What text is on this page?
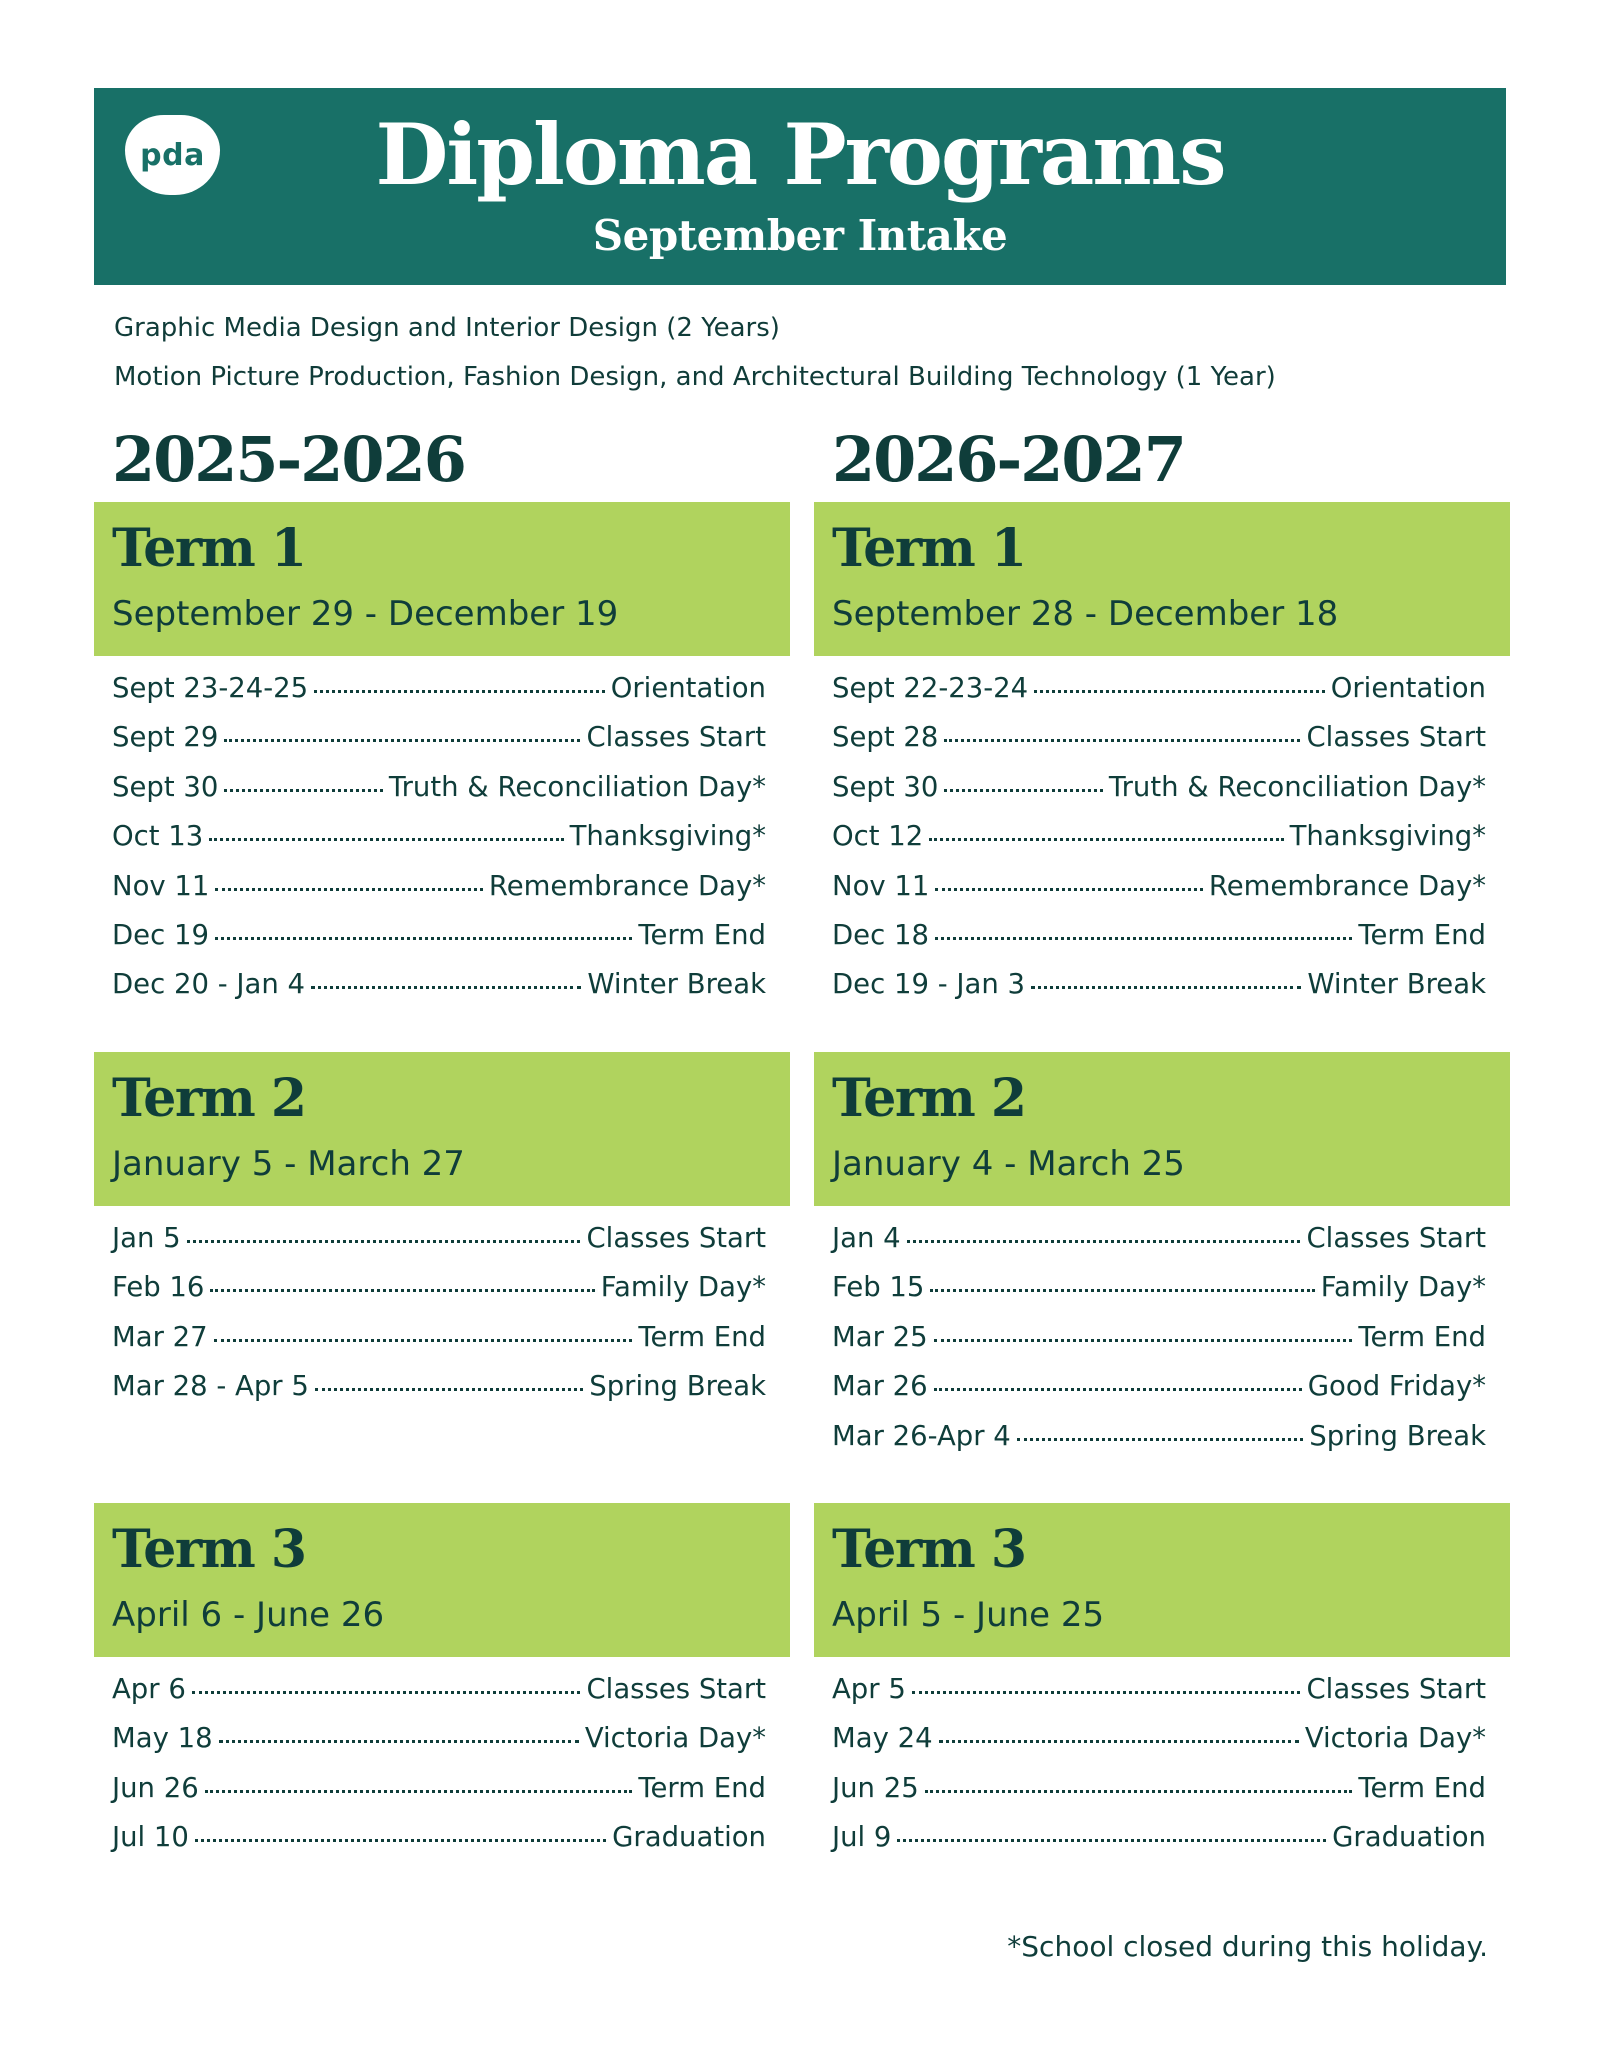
pda	Diploma Programs
September Intake
Graphic Media Design and Interior Design (2 Years)
Motion Picture Production, Fashion Design, and Architectural Building Technology (1 Year)
2025-2026
Term 1
September 29 - December 19
Sept 23-24-25	Orientation
Sept 29	Classes Start
Sept 30	Truth & Reconciliation Day*
Oct 13	Thanksgiving*
Nov 11	Remembrance Day*
Dec 19	Term End
Dec 20 - Jan 4	Winter Break
Term 2
January 5 - March 27
Jan 5	Classes Start
Feb 16	Family Day*
Mar 27	Term End
Mar 28 - Apr 5	Spring Break
Term 3
April 6 - June 26
Apr 6	Classes Start
May 18	Victoria Day*
Jun 26	Term End
Jul 10	Graduation
2026-2027
Term 1
September 28 - December 18
Sept 22-23-24	Orientation
Sept 28	Classes Start
Sept 30	Truth & Reconciliation Day*
Oct 12	Thanksgiving*
Nov 11	Remembrance Day*
Dec 18	Term End
Dec 19 - Jan 3	Winter Break
Term 2
January 4 - March 25
Jan 4	Classes Start
Feb 15	Family Day*
Mar 25	Term End
Mar 26	Good Friday*
Mar 26-Apr 4	Spring Break
Term 3
April 5 - June 25
Apr 5	Classes Start
May 24	Victoria Day*
Jun 25	Term End
Jul 9	Graduation
*School closed during this holiday.
